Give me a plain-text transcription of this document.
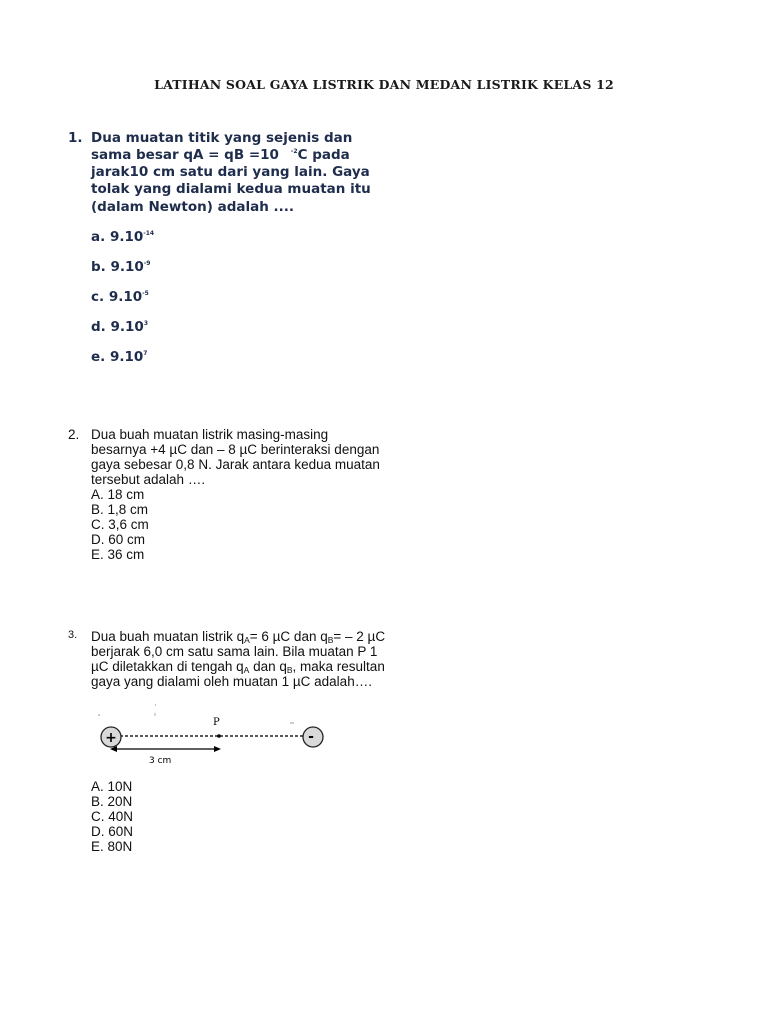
LATIHAN SOAL GAYA LISTRIK DAN MEDAN LISTRIK KELAS 12
1. Dua muatan titik yang sejenis dan
sama besar qA = qB =10 $^{-2}$C pada
jarak10 cm satu dari yang lain. Gaya
tolak yang dialami kedua muatan itu
(dalam Newton) adalah ....
a. $9.10^{-14}$
b. $9.10^{-9}$
c. $9.10^{-5}$
d. 9.10$^3$
e. 9.10$^7$
2. Dua buah muatan listrik masing-masing
besarnya +4 µC dan – 8 µC berinteraksi dengan
gaya sebesar 0,8 N. Jarak antara kedua muatan
tersebut adalah ….
A. 18 cm
B. 1,8 cm
C. 3,6 cm
D. 60 cm
E. 36 cm
3. Dua buah muatan listrik $q_A= 6$ µC dan $q_B= - 2$ µC
berjarak 6,0 cm satu sama lain. Bila muatan P 1
µC diletakkan di tengah $q_A$ dan $q_B$, maka resultan
gaya yang dialami oleh muatan 1 µC adalah….
+
P
-
3 cm
A. 10N
B. 20N
C. 40N
D. 60N
E. 80N
